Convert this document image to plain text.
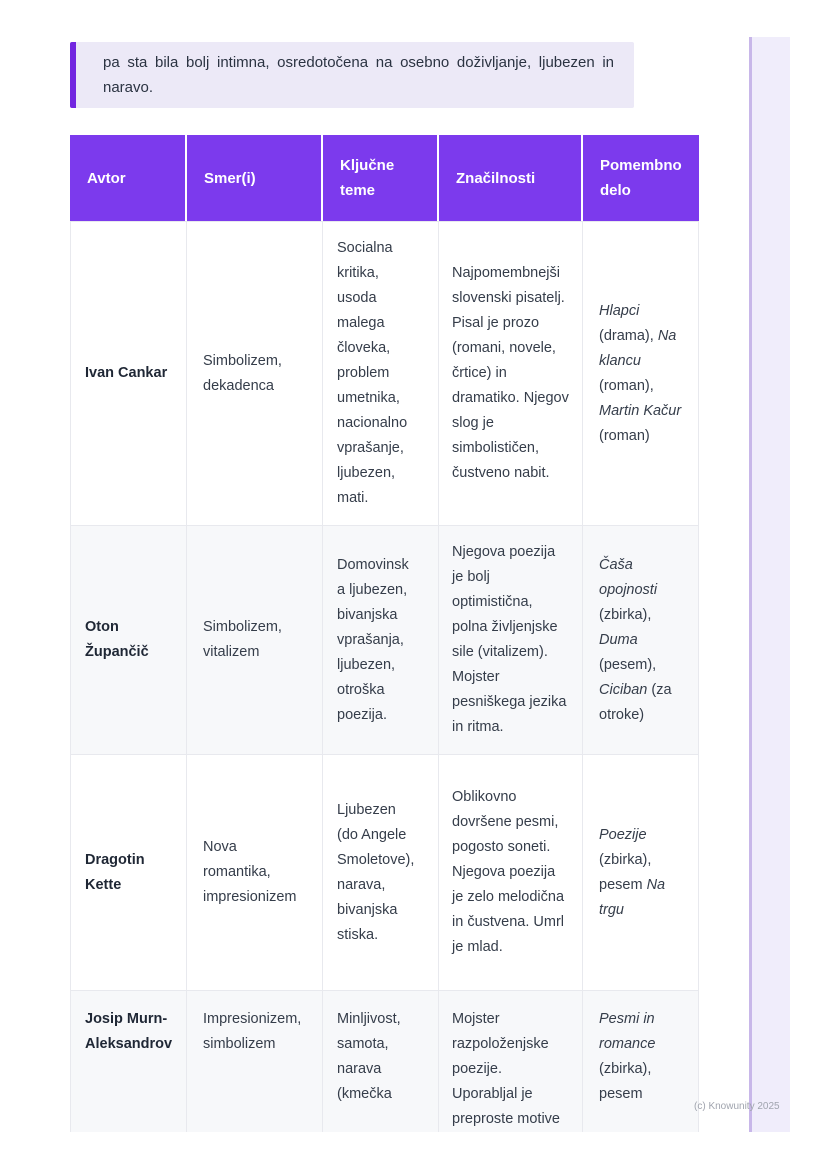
pa sta bila bolj intimna, osredotočena na osebno doživljanje, ljubezen in naravo.
Avtor	Smer(i)	Ključne teme	Značilnosti	Pomembno delo
Ivan Cankar	Simbolizem, dekadenca	Socialna kritika, usoda malega človeka, problem umetnika, nacionalno vprašanje, ljubezen, mati.	Najpomembnejši slovenski pisatelj. Pisal je prozo (romani, novele, črtice) in dramatiko. Njegov slog je simbolističen, čustveno nabit.	Hlapci (drama), Na klancu (roman), Martin Kačur (roman)
Oton Župančič	Simbolizem, vitalizem	Domovinska ljubezen, bivanjska vprašanja, ljubezen, otroška poezija.	Njegova poezija je bolj optimistična, polna življenjske sile (vitalizem). Mojster pesniškega jezika in ritma.	Čaša opojnosti (zbirka), Duma (pesem), Ciciban (za otroke)
Dragotin Kette	Nova romantika, impresionizem	Ljubezen (do Angele Smoletove), narava, bivanjska stiska.	Oblikovno dovršene pesmi, pogosto soneti. Njegova poezija je zelo melodična in čustvena. Umrl je mlad.	Poezije (zbirka), pesem Na trgu
Josip Murn-Aleksandrov	Impresionizem, simbolizem	Minljivost, samota, narava (kmečka	Mojster razpoloženjske poezije. Uporabljal je preproste motive	Pesmi in romance (zbirka), pesem
(c) Knowunity 2025
